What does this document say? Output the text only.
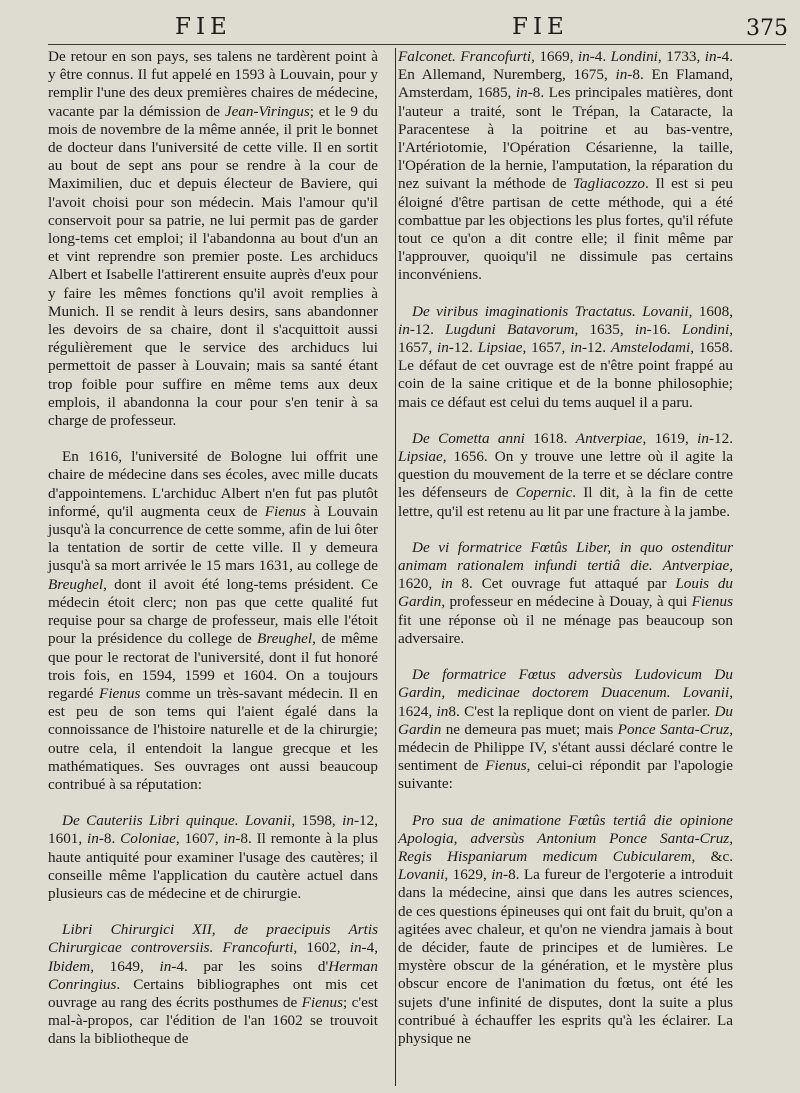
FIE	FIE	375

De retour en son pays, ses talens ne tardèrent point à y être connus. Il fut appelé en 1593 à Louvain, pour y remplir l'une des deux premières chaires de médecine, vacante par la démission de Jean-Viringus; et le 9 du mois de novembre de la même année, il prit le bonnet de docteur dans l'université de cette ville. Il en sortit au bout de sept ans pour se rendre à la cour de Maximilien, duc et depuis électeur de Baviere, qui l'avoit choisi pour son médecin. Mais l'amour qu'il conservoit pour sa patrie, ne lui permit pas de garder long-tems cet emploi; il l'abandonna au bout d'un an et vint reprendre son premier poste. Les archiducs Albert et Isabelle l'attirerent ensuite auprès d'eux pour y faire les mêmes fonctions qu'il avoit remplies à Munich. Il se rendit à leurs desirs, sans abandonner les devoirs de sa chaire, dont il s'acquittoit aussi régulièrement que le service des archiducs lui permettoit de passer à Louvain; mais sa santé étant trop foible pour suffire en même tems aux deux emplois, il abandonna la cour pour s'en tenir à sa charge de professeur.

En 1616, l'université de Bologne lui offrit une chaire de médecine dans ses écoles, avec mille ducats d'appointemens. L'archiduc Albert n'en fut pas plutôt informé, qu'il augmenta ceux de Fienus à Louvain jusqu'à la concurrence de cette somme, afin de lui ôter la tentation de sortir de cette ville. Il y demeura jusqu'à sa mort arrivée le 15 mars 1631, au college de Breughel, dont il avoit été long-tems président. Ce médecin étoit clerc; non pas que cette qualité fut requise pour sa charge de professeur, mais elle l'étoit pour la présidence du college de Breughel, de même que pour le rectorat de l'université, dont il fut honoré trois fois, en 1594, 1599 et 1604. On a toujours regardé Fienus comme un très-savant médecin. Il en est peu de son tems qui l'aient égalé dans la connoissance de l'histoire naturelle et de la chirurgie; outre cela, il entendoit la langue grecque et les mathématiques. Ses ouvrages ont aussi beaucoup contribué à sa réputation:

De Cauteriis Libri quinque. Lovanii, 1598, in-12, 1601, in-8. Coloniae, 1607, in-8. Il remonte à la plus haute antiquité pour examiner l'usage des cautères; il conseille même l'application du cautère actuel dans plusieurs cas de médecine et de chirurgie.

Libri Chirurgici XII, de praecipuis Artis Chirurgicae controversiis. Francofurti, 1602, in-4, Ibidem, 1649, in-4. par les soins d'Herman Conringius. Certains bibliographes ont mis cet ouvrage au rang des écrits posthumes de Fienus; c'est mal-à-propos, car l'édition de l'an 1602 se trouvoit dans la bibliotheque de

Falconet. Francofurti, 1669, in-4. Londini, 1733, in-4. En Allemand, Nuremberg, 1675, in-8. En Flamand, Amsterdam, 1685, in-8. Les principales matières, dont l'auteur a traité, sont le Trépan, la Cataracte, la Paracentese à la poitrine et au bas-ventre, l'Artériotomie, l'Opération Césarienne, la taille, l'Opération de la hernie, l'amputation, la réparation du nez suivant la méthode de Tagliacozzo. Il est si peu éloigné d'être partisan de cette méthode, qui a été combattue par les objections les plus fortes, qu'il réfute tout ce qu'on a dit contre elle; il finit même par l'approuver, quoiqu'il ne dissimule pas certains inconvéniens.

De viribus imaginationis Tractatus. Lovanii, 1608, in-12. Lugduni Batavorum, 1635, in-16. Londini, 1657, in-12. Lipsiae, 1657, in-12. Amstelodami, 1658. Le défaut de cet ouvrage est de n'être point frappé au coin de la saine critique et de la bonne philosophie; mais ce défaut est celui du tems auquel il a paru.

De Cometta anni 1618. Antverpiae, 1619, in-12. Lipsiae, 1656. On y trouve une lettre où il agite la question du mouvement de la terre et se déclare contre les défenseurs de Copernic. Il dit, à la fin de cette lettre, qu'il est retenu au lit par une fracture à la jambe.

De vi formatrice Fœtûs Liber, in quo ostenditur animam rationalem infundi tertiâ die. Antverpiae, 1620, in 8. Cet ouvrage fut attaqué par Louis du Gardin, professeur en médecine à Douay, à qui Fienus fit une réponse où il ne ménage pas beaucoup son adversaire.

De formatrice Fœtus adversùs Ludovicum Du Gardin, medicinae doctorem Duacenum. Lovanii, 1624, in8. C'est la replique dont on vient de parler. Du Gardin ne demeura pas muet; mais Ponce Santa-Cruz, médecin de Philippe IV, s'étant aussi déclaré contre le sentiment de Fienus, celui-ci répondit par l'apologie suivante:

Pro sua de animatione Fœtûs tertiâ die opinione Apologia, adversùs Antonium Ponce Santa-Cruz, Regis Hispaniarum medicum Cubicularem, &c. Lovanii, 1629, in-8. La fureur de l'ergoterie a introduit dans la médecine, ainsi que dans les autres sciences, de ces questions épineuses qui ont fait du bruit, qu'on a agitées avec chaleur, et qu'on ne viendra jamais à bout de décider, faute de principes et de lumières. Le mystère obscur de la génération, et le mystère plus obscur encore de l'animation du fœtus, ont été les sujets d'une infinité de disputes, dont la suite a plus contribué à échauffer les esprits qu'à les éclairer. La physique ne
